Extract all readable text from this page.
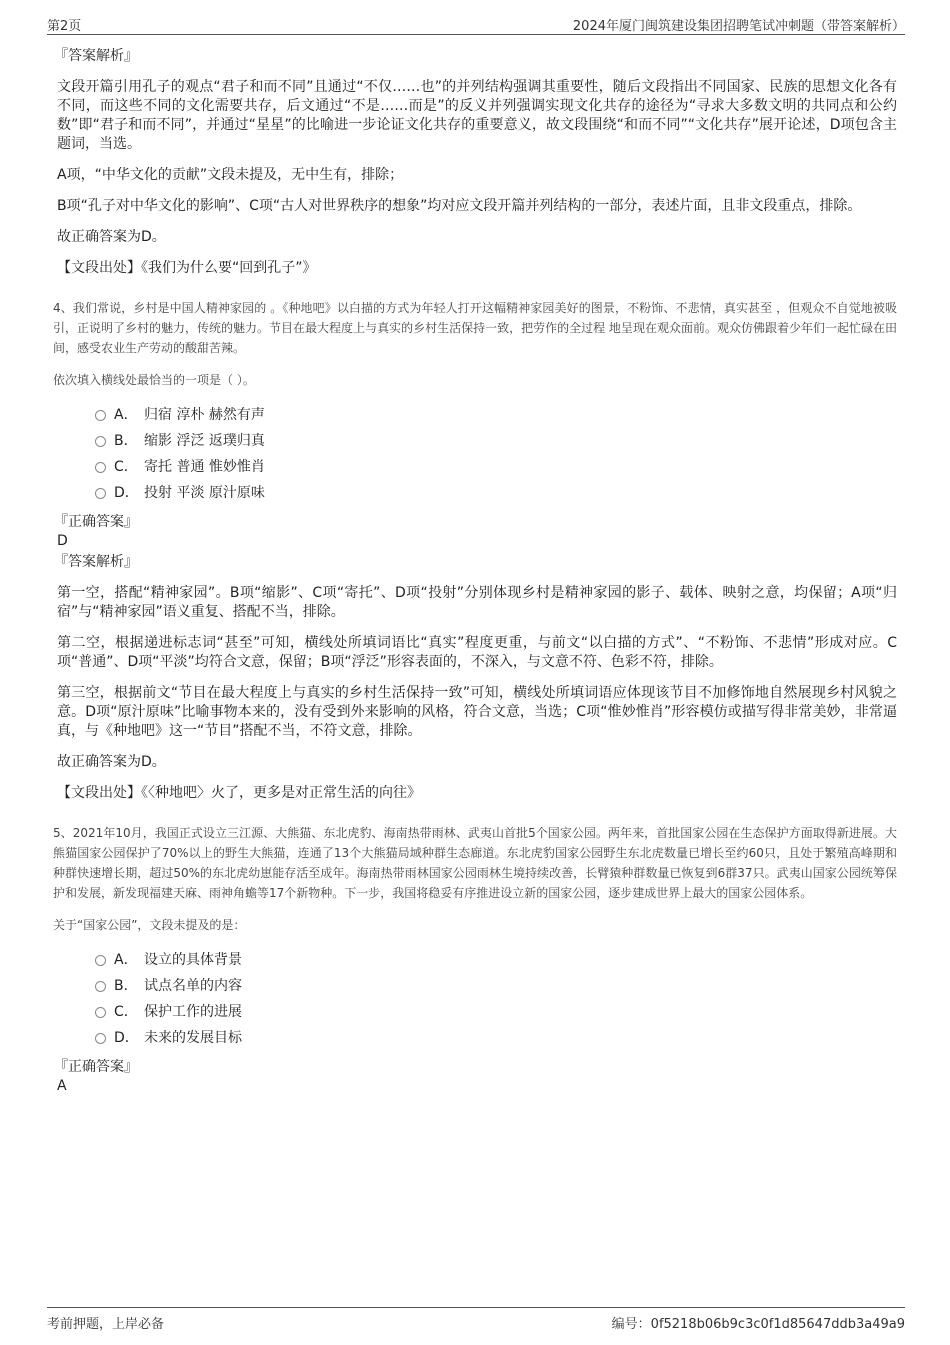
第2页	2024年厦门闽筑建设集团招聘笔试冲刺题（带答案解析）
『答案解析』

文段开篇引用孔子的观点“君子和而不同”且通过“不仅……也”的并列结构强调其重要性，随后文段指出不同国家、民族的思想文化各有不同，而这些不同的文化需要共存，后文通过“不是……而是”的反义并列强调实现文化共存的途径为“寻求大多数文明的共同点和公约数”即“君子和而不同”，并通过“星星”的比喻进一步论证文化共存的重要意义，故文段围绕“和而不同”“文化共存”展开论述，D项包含主题词，当选。

A项，“中华文化的贡献”文段未提及，无中生有，排除；

B项“孔子对中华文化的影响”、C项“古人对世界秩序的想象”均对应文段开篇并列结构的一部分，表述片面，且非文段重点，排除。

故正确答案为D。

【文段出处】《我们为什么要“回到孔子”》

4、我们常说，乡村是中国人精神家园的 。《种地吧》以白描的方式为年轻人打开这幅精神家园美好的图景，不粉饰、不悲情，真实甚至 ，但观众不自觉地被吸引，正说明了乡村的魅力，传统的魅力。节目在最大程度上与真实的乡村生活保持一致，把劳作的全过程 地呈现在观众面前。观众仿佛跟着少年们一起忙碌在田间，感受农业生产劳动的酸甜苦辣。

依次填入横线处最恰当的一项是（ ）。

A． 归宿 淳朴 赫然有声
B． 缩影 浮泛 返璞归真
C． 寄托 普通 惟妙惟肖
D． 投射 平淡 原汁原味
『正确答案』
D
『答案解析』

第一空，搭配“精神家园”。B项“缩影”、C项“寄托”、D项“投射”分别体现乡村是精神家园的影子、载体、映射之意，均保留；A项“归宿”与“精神家园”语义重复、搭配不当，排除。

第二空，根据递进标志词“甚至”可知，横线处所填词语比“真实”程度更重，与前文“以白描的方式”、“不粉饰、不悲情”形成对应。C项“普通”、D项“平淡”均符合文意，保留；B项“浮泛”形容表面的，不深入，与文意不符、色彩不符，排除。

第三空，根据前文“节目在最大程度上与真实的乡村生活保持一致”可知，横线处所填词语应体现该节目不加修饰地自然展现乡村风貌之意。D项“原汁原味”比喻事物本来的，没有受到外来影响的风格，符合文意，当选；C项“惟妙惟肖”形容模仿或描写得非常美妙，非常逼真，与《种地吧》这一“节目”搭配不当，不符文意，排除。

故正确答案为D。

【文段出处】《〈种地吧〉火了，更多是对正常生活的向往》

5、2021年10月，我国正式设立三江源、大熊猫、东北虎豹、海南热带雨林、武夷山首批5个国家公园。两年来，首批国家公园在生态保护方面取得新进展。大熊猫国家公园保护了70%以上的野生大熊猫，连通了13个大熊猫局域种群生态廊道。东北虎豹国家公园野生东北虎数量已增长至约60只，且处于繁殖高峰期和种群快速增长期，超过50%的东北虎幼崽能存活至成年。海南热带雨林国家公园雨林生境持续改善，长臂猿种群数量已恢复到6群37只。武夷山国家公园统筹保护和发展，新发现福建天麻、雨神角蟾等17个新物种。下一步，我国将稳妥有序推进设立新的国家公园，逐步建成世界上最大的国家公园体系。

关于“国家公园”，文段未提及的是：

A． 设立的具体背景
B． 试点名单的内容
C． 保护工作的进展
D． 未来的发展目标
『正确答案』
A
考前押题，上岸必备	编号：0f5218b06b9c3c0f1d85647ddb3a49a9
